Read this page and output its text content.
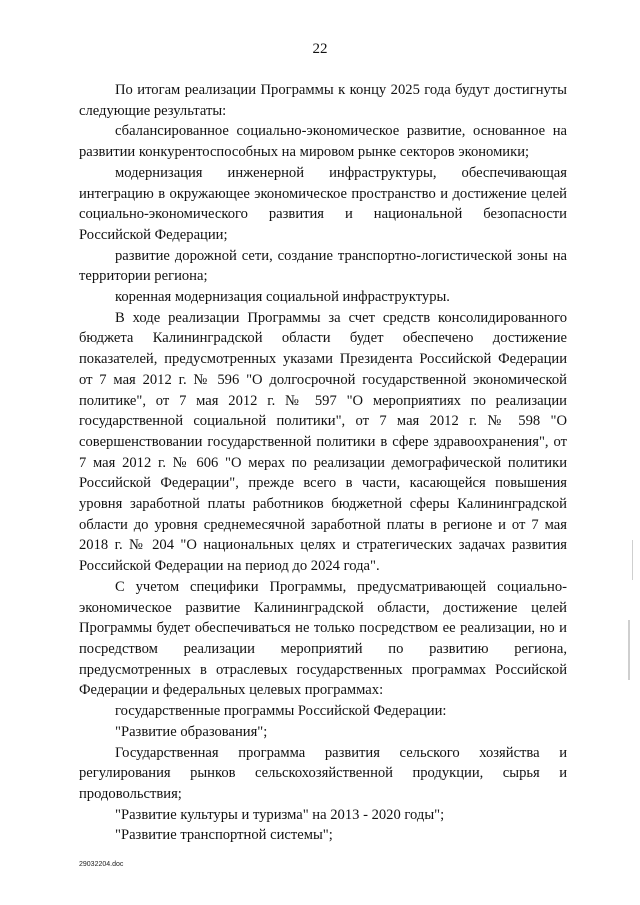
22

По итогам реализации Программы к концу 2025 года будут достигнуты следующие результаты:

сбалансированное социально-экономическое развитие, основанное на развитии конкурентоспособных на мировом рынке секторов экономики;

модернизация инженерной инфраструктуры, обеспечивающая интеграцию в окружающее экономическое пространство и достижение целей социально-экономического развития и национальной безопасности Российской Федерации;

развитие дорожной сети, создание транспортно-логистической зоны на территории региона;

коренная модернизация социальной инфраструктуры.

В ходе реализации Программы за счет средств консолидированного бюджета Калининградской области будет обеспечено достижение показателей, предусмотренных указами Президента Российской Федерации от 7 мая 2012 г. № 596 "О долгосрочной государственной экономической политике", от 7 мая 2012 г. № 597 "О мероприятиях по реализации государственной социальной политики", от 7 мая 2012 г. № 598 "О совершенствовании государственной политики в сфере здравоохранения", от 7 мая 2012 г. № 606 "О мерах по реализации демографической политики Российской Федерации", прежде всего в части, касающейся повышения уровня заработной платы работников бюджетной сферы Калининградской области до уровня среднемесячной заработной платы в регионе и от 7 мая 2018 г. № 204 "О национальных целях и стратегических задачах развития Российской Федерации на период до 2024 года".

С учетом специфики Программы, предусматривающей социально-экономическое развитие Калининградской области, достижение целей Программы будет обеспечиваться не только посредством ее реализации, но и посредством реализации мероприятий по развитию региона, предусмотренных в отраслевых государственных программах Российской Федерации и федеральных целевых программах:

государственные программы Российской Федерации:

"Развитие образования";

Государственная программа развития сельского хозяйства и регулирования рынков сельскохозяйственной продукции, сырья и продовольствия;

"Развитие культуры и туризма" на 2013 - 2020 годы";

"Развитие транспортной системы";

29032204.doc
